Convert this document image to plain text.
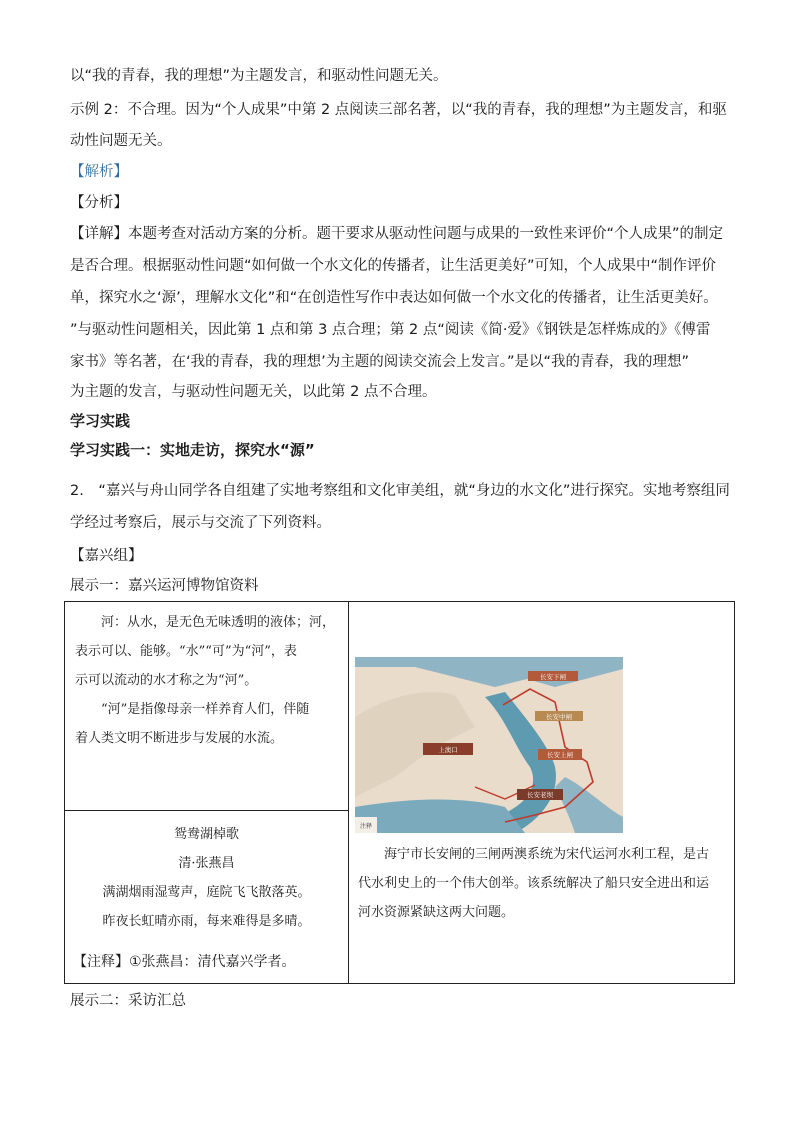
以“我的青春，我的理想”为主题发言，和驱动性问题无关。
示例 2：不合理。因为“个人成果”中第 2 点阅读三部名著，以“我的青春，我的理想”为主题发言，和驱
动性问题无关。
【解析】
【分析】
【详解】本题考查对活动方案的分析。题干要求从驱动性问题与成果的一致性来评价“个人成果”的制定
是否合理。根据驱动性问题“如何做一个水文化的传播者，让生活更美好”可知，个人成果中“制作评价
单，探究水之‘源’，理解水文化”和“在创造性写作中表达如何做一个水文化的传播者，让生活更美好。
”与驱动性问题相关，因此第 1 点和第 3 点合理；第 2 点“阅读《简·爱》《钢铁是怎样炼成的》《傅雷
家书》等名著，在‘我的青春，我的理想’为主题的阅读交流会上发言。”是以“我的青春，我的理想”
为主题的发言，与驱动性问题无关，以此第 2 点不合理。
学习实践
学习实践一：实地走访，探究水“源”
2.　“嘉兴与舟山同学各自组建了实地考察组和文化审美组，就“身边的水文化”进行探究。实地考察组同
学经过考察后，展示与交流了下列资料。
【嘉兴组】
展示一：嘉兴运河博物馆资料
　　河：从水，是无色无味透明的液体；河，
表示可以、能够。“水”“可”为“河”，表
示可以流动的水才称之为“河”。
　　“河”是指像母亲一样养育人们，伴随
着人类文明不断进步与发展的水流。
鸳鸯湖棹歌
清·张燕昌
满湖烟雨湿莺声，庭院飞飞散落英。
昨夜长虹晴亦雨，每来难得是多晴。
【注释】①张燕昌：清代嘉兴学者。
长安下闸
长安中闸
上澳口
长安上闸
长安老坝
注释
　　海宁市长安闸的三闸两澳系统为宋代运河水利工程，是古
代水利史上的一个伟大创举。该系统解决了船只安全进出和运
河水资源紧缺这两大问题。
展示二：采访汇总
